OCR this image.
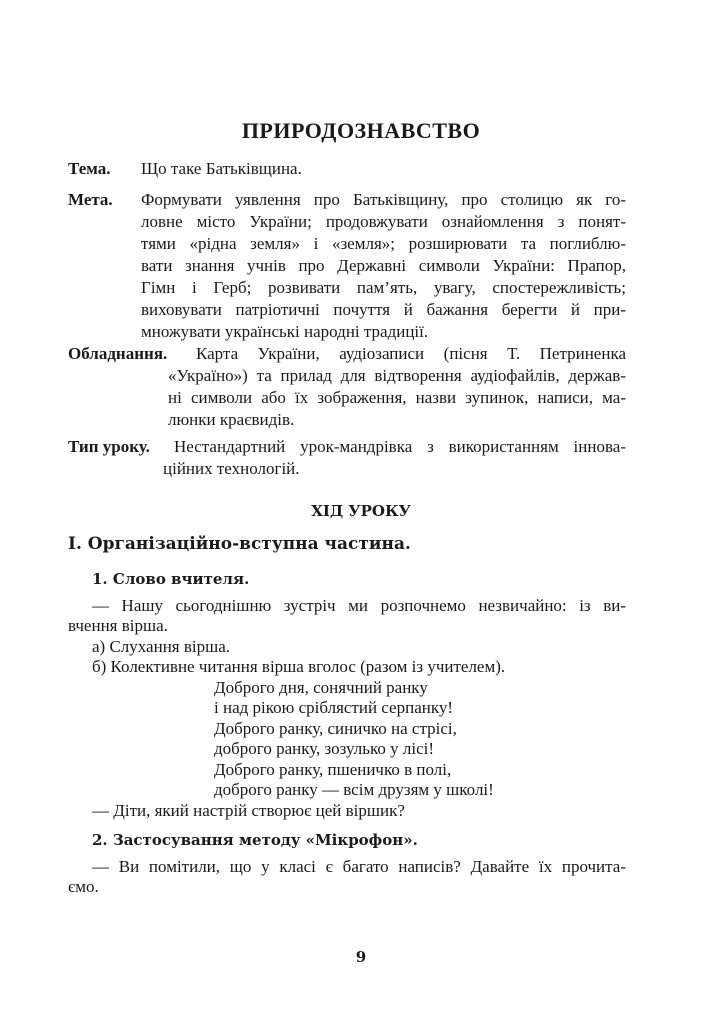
ПРИРОДОЗНАВСТВО
Тема. Що таке Батьківщина.
Мета. Формувати уявлення про Батьківщину, про столицю як го-
ловне місто України; продовжувати ознайомлення з понят-
тями «рідна земля» і «земля»; розширювати та поглиблю-
вати знання учнів про Державні символи України: Прапор,
Гімн і Герб; розвивати пам’ять, увагу, спостережливість;
виховувати патріотичні почуття й бажання берегти й при-
множувати українські народні традиції.
Обладнання. Карта України, аудіозаписи (пісня Т. Петриненка
«Україно») та прилад для відтворення аудіофайлів, держав-
ні символи або їх зображення, назви зупинок, написи, ма-
люнки краєвидів.
Тип уроку. Нестандартний урок-мандрівка з використанням іннова-
ційних технологій.
ХІД УРОКУ
І. Організаційно-вступна частина.
1. Слово вчителя.
— Нашу сьогоднішню зустріч ми розпочнемо незвичайно: із ви-
вчення вірша.
а) Слухання вірша.
б) Колективне читання вірша вголос (разом із учителем).
Доброго дня, сонячний ранку
і над рікою сріблястий серпанку!
Доброго ранку, синичко на стрісі,
доброго ранку, зозулько у лісі!
Доброго ранку, пшеничко в полі,
доброго ранку — всім друзям у школі!
— Діти, який настрій створює цей віршик?
2. Застосування методу «Мікрофон».
— Ви помітили, що у класі є багато написів? Давайте їх прочита-
ємо.
9
